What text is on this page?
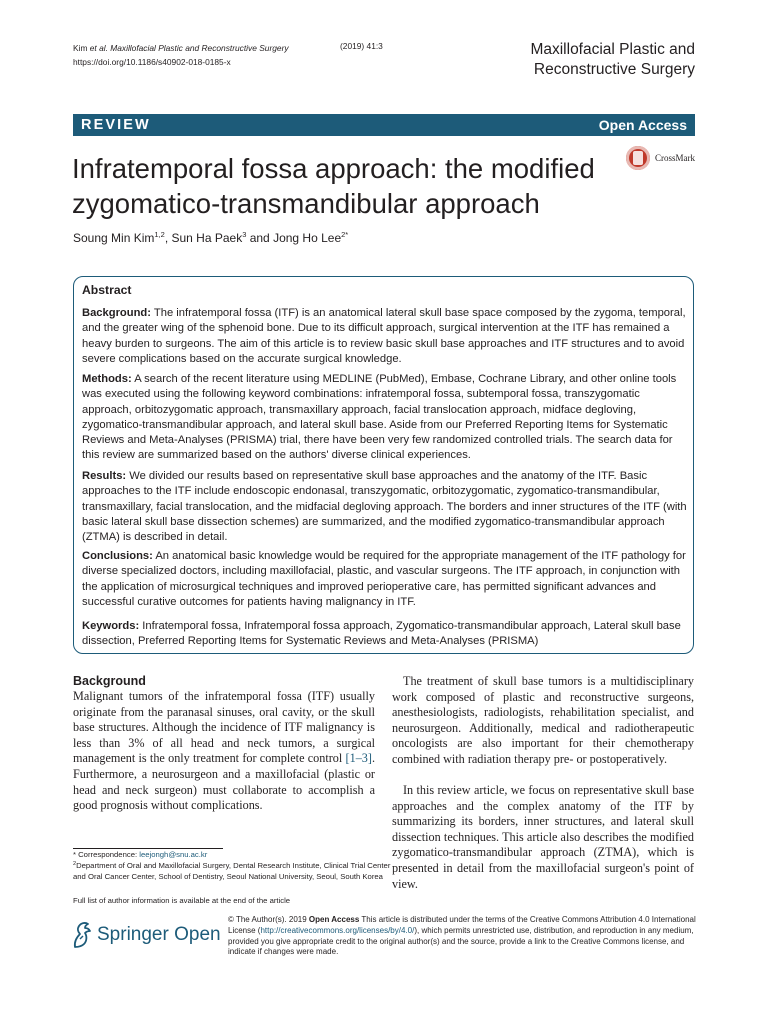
Kim et al. Maxillofacial Plastic and Reconstructive Surgery
https://doi.org/10.1186/s40902-018-0185-x
(2019) 41:3	Maxillofacial Plastic and
Reconstructive Surgery
REVIEW	Open Access
Infratemporal fossa approach: the modified
zygomatico-transmandibular approach
CrossMark
Soung Min Kim$^{1,2}$, Sun Ha Paek$^3$ and Jong Ho Lee$^{2*}$
Abstract

Background: The infratemporal fossa (ITF) is an anatomical lateral skull base space composed by the zygoma, temporal, and the greater wing of the sphenoid bone. Due to its difficult approach, surgical intervention at the ITF has remained a heavy burden to surgeons. The aim of this article is to review basic skull base approaches and ITF structures and to avoid severe complications based on the accurate surgical knowledge.

Methods: A search of the recent literature using MEDLINE (PubMed), Embase, Cochrane Library, and other online tools was executed using the following keyword combinations: infratemporal fossa, subtemporal fossa, transzygomatic approach, orbitozygomatic approach, transmaxillary approach, facial translocation approach, midface degloving, zygomatico-transmandibular approach, and lateral skull base. Aside from our Preferred Reporting Items for Systematic Reviews and Meta-Analyses (PRISMA) trial, there have been very few randomized controlled trials. The search data for this review are summarized based on the authors' diverse clinical experiences.

Results: We divided our results based on representative skull base approaches and the anatomy of the ITF. Basic approaches to the ITF include endoscopic endonasal, transzygomatic, orbitozygomatic, zygomatico-transmandibular, transmaxillary, facial translocation, and the midfacial degloving approach. The borders and inner structures of the ITF (with basic lateral skull base dissection schemes) are summarized, and the modified zygomatico-transmandibular approach (ZTMA) is described in detail.

Conclusions: An anatomical basic knowledge would be required for the appropriate management of the ITF pathology for diverse specialized doctors, including maxillofacial, plastic, and vascular surgeons. The ITF approach, in conjunction with the application of microsurgical techniques and improved perioperative care, has permitted significant advances and successful curative outcomes for patients having malignancy in ITF.

Keywords: Infratemporal fossa, Infratemporal fossa approach, Zygomatico-transmandibular approach, Lateral skull base dissection, Preferred Reporting Items for Systematic Reviews and Meta-Analyses (PRISMA)

Background

Malignant tumors of the infratemporal fossa (ITF) usually originate from the paranasal sinuses, oral cavity, or the skull base structures. Although the incidence of ITF malignancy is less than 3% of all head and neck tumors, a surgical management is the only treatment for complete control [1–3]. Furthermore, a neurosurgeon and a maxillofacial (plastic or head and neck surgeon) must collaborate to accomplish a good prognosis without complications.

The treatment of skull base tumors is a multidisciplinary work composed of plastic and reconstructive surgeons, anesthesiologists, radiologists, rehabilitation specialist, and neurosurgeon. Additionally, medical and radiotherapeutic oncologists are also important for their chemotherapy combined with radiation therapy pre- or postoperatively.

In this review article, we focus on representative skull base approaches and the complex anatomy of the ITF by summarizing its borders, inner structures, and lateral skull dissection techniques. This article also describes the modified zygomatico-transmandibular approach (ZTMA), which is presented in detail from the maxillofacial surgeon's point of view.

* Correspondence: leejongh@snu.ac.kr
$^2$Department of Oral and Maxillofacial Surgery, Dental Research Institute, Clinical Trial Center and Oral Cancer Center, School of Dentistry, Seoul National University, Seoul, South Korea
Full list of author information is available at the end of the article
Springer Open
© The Author(s). 2019 Open Access This article is distributed under the terms of the Creative Commons Attribution 4.0 International License (http://creativecommons.org/licenses/by/4.0/), which permits unrestricted use, distribution, and reproduction in any medium, provided you give appropriate credit to the original author(s) and the source, provide a link to the Creative Commons license, and indicate if changes were made.
